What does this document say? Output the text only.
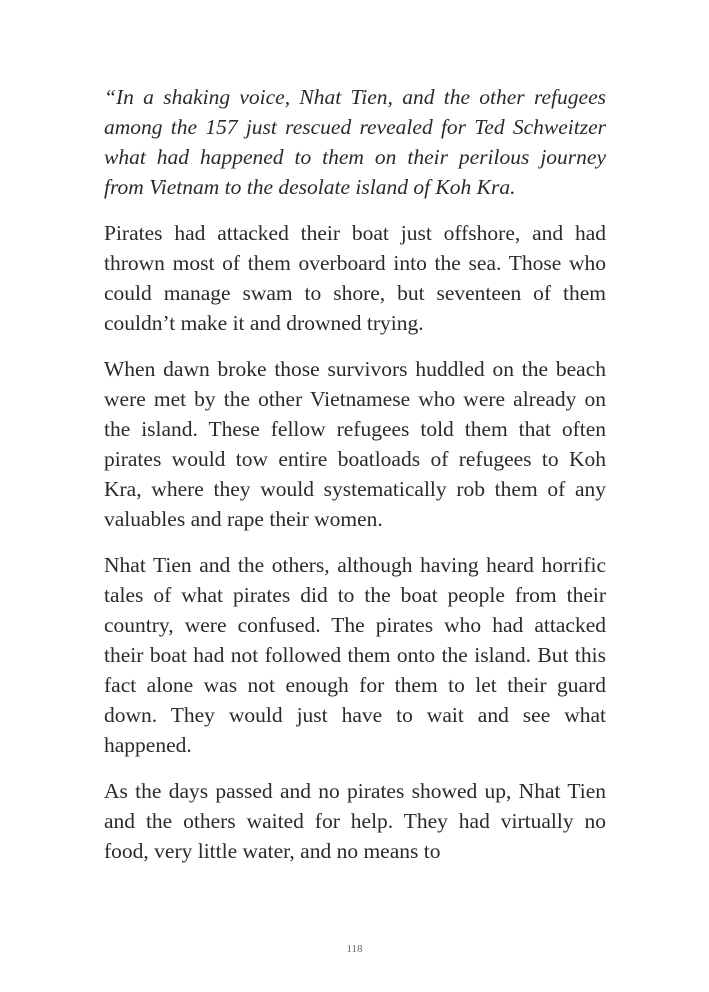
“In a shaking voice, Nhat Tien, and the other refugees among the 157 just rescued revealed for Ted Schweitzer what had happened to them on their perilous journey from Vietnam to the desolate island of Koh Kra.

Pirates had attacked their boat just offshore, and had thrown most of them overboard into the sea. Those who could manage swam to shore, but seventeen of them couldn’t make it and drowned trying.

When dawn broke those survivors huddled on the beach were met by the other Vietnamese who were already on the island. These fellow refugees told them that often pirates would tow entire boatloads of refugees to Koh Kra, where they would systematically rob them of any valuables and rape their women.

Nhat Tien and the others, although having heard horrific tales of what pirates did to the boat people from their country, were confused. The pirates who had attacked their boat had not followed them onto the island. But this fact alone was not enough for them to let their guard down. They would just have to wait and see what happened.

As the days passed and no pirates showed up, Nhat Tien and the others waited for help. They had virtually no food, very little water, and no means to

118
